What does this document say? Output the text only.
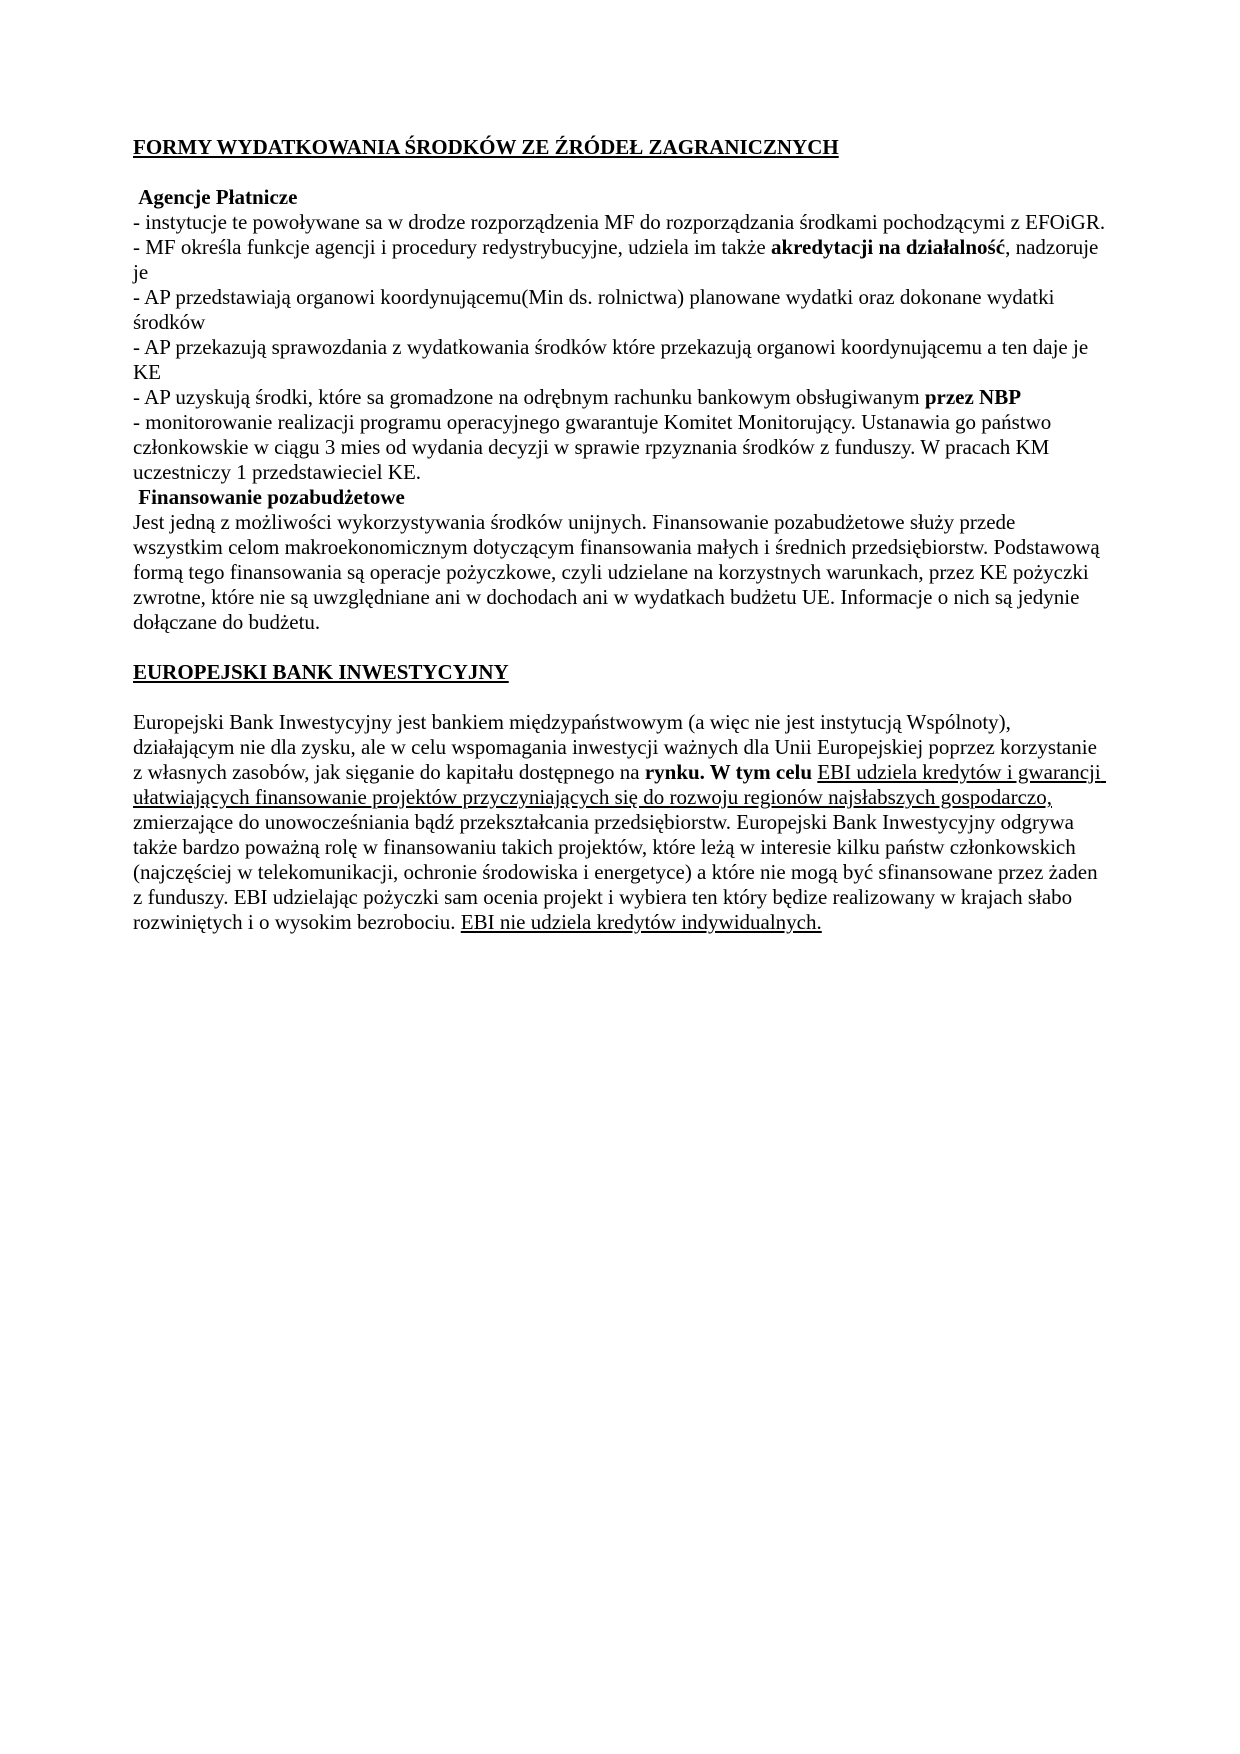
FORMY WYDATKOWANIA ŚRODKÓW ZE ŹRÓDEŁ ZAGRANICZNYCH

Agencje Płatnicze

- instytucje te powoływane sa w drodze rozporządzenia MF do rozporządzania środkami pochodzącymi z EFOiGR.

- MF określa funkcje agencji i procedury redystrybucyjne, udziela im także akredytacji na działalność, nadzoruje je

- AP przedstawiają organowi koordynującemu(Min ds. rolnictwa) planowane wydatki oraz dokonane wydatki środków

- AP przekazują sprawozdania z wydatkowania środków które przekazują organowi koordynującemu a ten daje je KE

- AP uzyskują środki, które sa gromadzone na odrębnym rachunku bankowym obsługiwanym przez NBP

- monitorowanie realizacji programu operacyjnego gwarantuje Komitet Monitorujący. Ustanawia go państwo członkowskie w ciągu 3 mies od wydania decyzji w sprawie rpzyznania środków z funduszy. W pracach KM uczestniczy 1 przedstawieciel KE.

Finansowanie pozabudżetowe

Jest jedną z możliwości wykorzystywania środków unijnych. Finansowanie pozabudżetowe służy przede wszystkim celom makroekonomicznym dotyczącym finansowania małych i średnich przedsiębiorstw. Podstawową formą tego finansowania są operacje pożyczkowe, czyli udzielane na korzystnych warunkach, przez KE pożyczki zwrotne, które nie są uwzględniane ani w dochodach ani w wydatkach budżetu UE. Informacje o nich są jedynie dołączane do budżetu.

EUROPEJSKI BANK INWESTYCYJNY

Europejski Bank Inwestycyjny jest bankiem międzypaństwowym (a więc nie jest instytucją Wspólnoty), działającym nie dla zysku, ale w celu wspomagania inwestycji ważnych dla Unii Europejskiej poprzez korzystanie z własnych zasobów, jak sięganie do kapitału dostępnego na rynku. W tym celu EBI udziela kredytów i gwarancji ułatwiających finansowanie projektów przyczyniających się do rozwoju regionów najsłabszych gospodarczo, zmierzające do unowocześniania bądź przekształcania przedsiębiorstw. Europejski Bank Inwestycyjny odgrywa także bardzo poważną rolę w finansowaniu takich projektów, które leżą w interesie kilku państw członkowskich (najczęściej w telekomunikacji, ochronie środowiska i energetyce) a które nie mogą być sfinansowane przez żaden z funduszy. EBI udzielając pożyczki sam ocenia projekt i wybiera ten który będize realizowany w krajach słabo rozwiniętych i o wysokim bezrobociu. EBI nie udziela kredytów indywidualnych.
